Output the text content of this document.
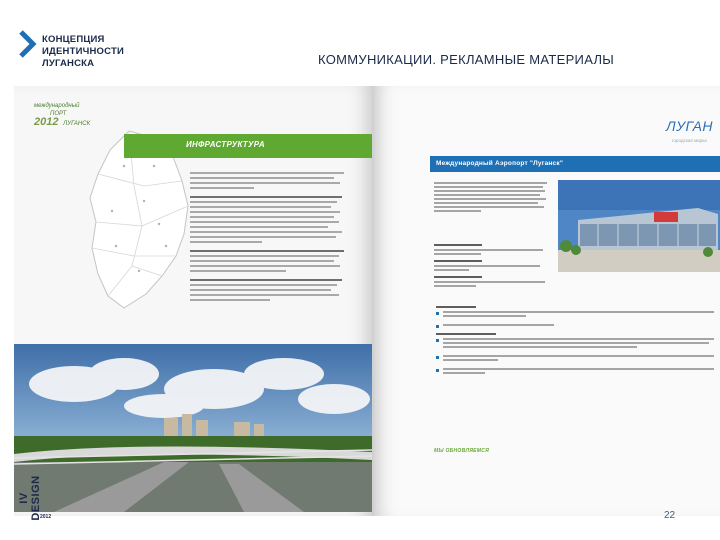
КОНЦЕПЦИЯ
ИДЕНТИЧНОСТИ
ЛУГАНСКА	КОММУНИКАЦИИ. РЕКЛАМНЫЕ МАТЕРИАЛЫ
международный
ПОРТ
2012 ЛУГАНСК
ИНФРАСТРУКТУРА
ЛУГАН
городская марка
Международный Аэропорт "Луганск"
МЫ ОБНОВЛЯЕМСЯ
IV DESIGN
2012	22
